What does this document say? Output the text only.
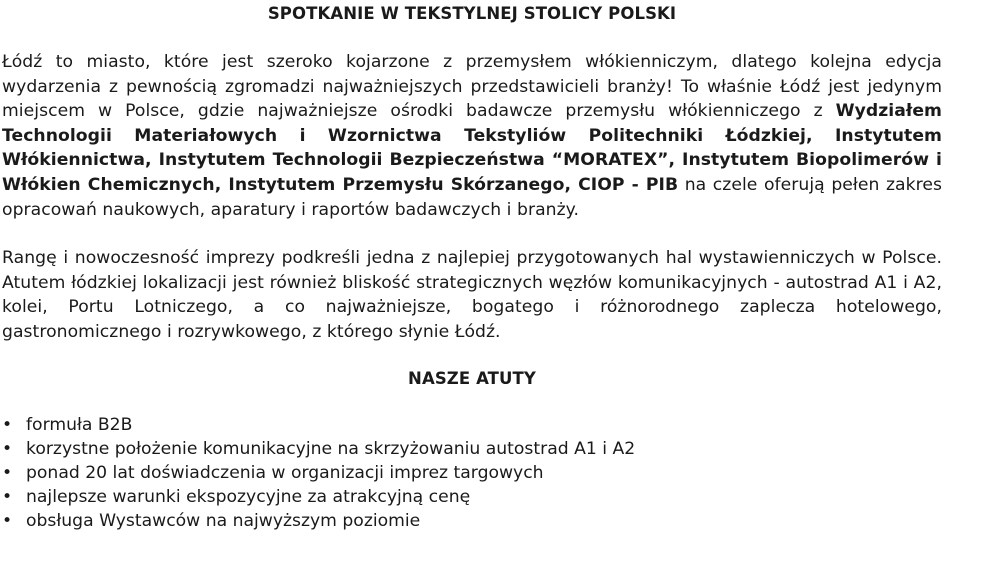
SPOTKANIE W TEKSTYLNEJ STOLICY POLSKI

Łódź to miasto, które jest szeroko kojarzone z przemysłem włókienniczym, dlatego kolejna edycja wydarzenia z pewnością zgromadzi najważniejszych przedstawicieli branży! To właśnie Łódź jest jedynym miejscem w Polsce, gdzie najważniejsze ośrodki badawcze przemysłu włókienniczego z Wydziałem Technologii Materiałowych i Wzornictwa Tekstyliów Politechniki Łódzkiej, Instytutem Włókiennictwa, Instytutem Technologii Bezpieczeństwa “MORATEX”, Instytutem Biopolimerów i Włókien Chemicznych, Instytutem Przemysłu Skórzanego, CIOP - PIB na czele oferują pełen zakres opracowań naukowych, aparatury i raportów badawczych i branży.

Rangę i nowoczesność imprezy podkreśli jedna z najlepiej przygotowanych hal wystawienniczych w Polsce. Atutem łódzkiej lokalizacji jest również bliskość strategicznych węzłów komunikacyjnych - autostrad A1 i A2, kolei, Portu Lotniczego, a co najważniejsze, bogatego i różnorodnego zaplecza hotelowego, gastronomicznego i rozrywkowego, z którego słynie Łódź.

NASZE ATUTY
• formuła B2B
• korzystne położenie komunikacyjne na skrzyżowaniu autostrad A1 i A2
• ponad 20 lat doświadczenia w organizacji imprez targowych
• najlepsze warunki ekspozycyjne za atrakcyjną cenę
• obsługa Wystawców na najwyższym poziomie
